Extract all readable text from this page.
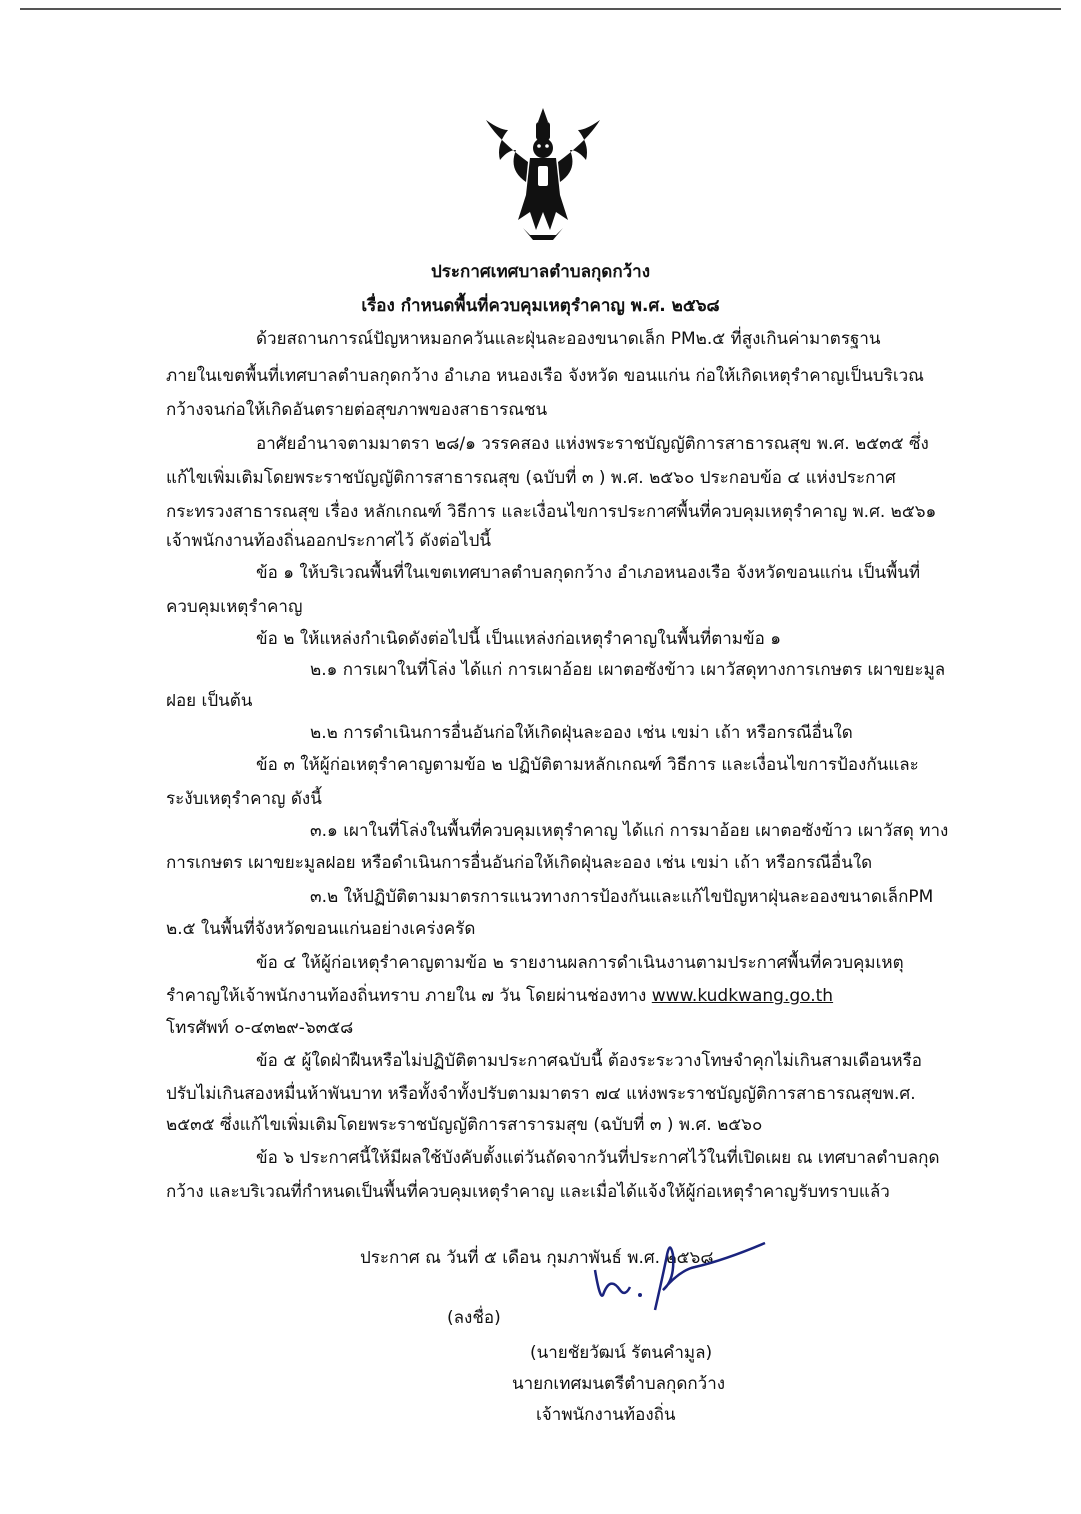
ประกาศเทศบาลตำบลกุดกว้าง
เรื่อง กำหนดพื้นที่ควบคุมเหตุรำคาญ พ.ศ. ๒๕๖๘
ด้วยสถานการณ์ปัญหาหมอกควันและฝุ่นละอองขนาดเล็ก PM๒.๕ ที่สูงเกินค่ามาตรฐาน
ภายในเขตพื้นที่เทศบาลตำบลกุดกว้าง อำเภอ หนองเรือ จังหวัด ขอนแก่น ก่อให้เกิดเหตุรำคาญเป็นบริเวณ
กว้างจนก่อให้เกิดอันตรายต่อสุขภาพของสาธารณชน
อาศัยอำนาจตามมาตรา ๒๘/๑ วรรคสอง แห่งพระราชบัญญัติการสาธารณสุข พ.ศ. ๒๕๓๕ ซึ่ง
แก้ไขเพิ่มเติมโดยพระราชบัญญัติการสาธารณสุข (ฉบับที่ ๓ ) พ.ศ. ๒๕๖๐ ประกอบข้อ ๔ แห่งประกาศ
กระทรวงสาธารณสุข เรื่อง หลักเกณฑ์ วิธีการ และเงื่อนไขการประกาศพื้นที่ควบคุมเหตุรำคาญ พ.ศ. ๒๕๖๑
เจ้าพนักงานท้องถิ่นออกประกาศไว้ ดังต่อไปนี้
ข้อ ๑ ให้บริเวณพื้นที่ในเขตเทศบาลตำบลกุดกว้าง อำเภอหนองเรือ จังหวัดขอนแก่น เป็นพื้นที่
ควบคุมเหตุรำคาญ
ข้อ ๒ ให้แหล่งกำเนิดดังต่อไปนี้ เป็นแหล่งก่อเหตุรำคาญในพื้นที่ตามข้อ ๑
๒.๑ การเผาในที่โล่ง ได้แก่ การเผาอ้อย เผาตอซังข้าว เผาวัสดุทางการเกษตร เผาขยะมูล
ฝอย เป็นต้น
๒.๒ การดำเนินการอื่นอันก่อให้เกิดฝุ่นละออง เช่น เขม่า เถ้า หรือกรณีอื่นใด
ข้อ ๓ ให้ผู้ก่อเหตุรำคาญตามข้อ ๒ ปฏิบัติตามหลักเกณฑ์ วิธีการ และเงื่อนไขการป้องกันและ
ระงับเหตุรำคาญ ดังนี้
๓.๑ เผาในที่โล่งในพื้นที่ควบคุมเหตุรำคาญ ได้แก่ การมาอ้อย เผาตอซังข้าว เผาวัสดุ ทาง
การเกษตร เผาขยะมูลฝอย หรือดำเนินการอื่นอันก่อให้เกิดฝุ่นละออง เช่น เขม่า เถ้า หรือกรณีอื่นใด
๓.๒ ให้ปฏิบัติตามมาตรการแนวทางการป้องกันและแก้ไขปัญหาฝุ่นละอองขนาดเล็กPM
๒.๕ ในพื้นที่จังหวัดขอนแก่นอย่างเคร่งครัด
ข้อ ๔ ให้ผู้ก่อเหตุรำคาญตามข้อ ๒ รายงานผลการดำเนินงานตามประกาศพื้นที่ควบคุมเหตุ
รำคาญให้เจ้าพนักงานท้องถิ่นทราบ ภายใน ๗ วัน โดยผ่านช่องทาง www.kudkwang.go.th
โทรศัพท์ ๐-๔๓๒๙-๖๓๕๘
ข้อ ๕ ผู้ใดฝ่าฝืนหรือไม่ปฏิบัติตามประกาศฉบับนี้ ต้องระระวางโทษจำคุกไม่เกินสามเดือนหรือ
ปรับไม่เกินสองหมื่นห้าพันบาท หรือทั้งจำทั้งปรับตามมาตรา ๗๔ แห่งพระราชบัญญัติการสาธารณสุขพ.ศ.
๒๕๓๕ ซึ่งแก้ไขเพิ่มเติมโดยพระราชบัญญัติการสารารมสุข (ฉบับที่ ๓ ) พ.ศ. ๒๕๖๐
ข้อ ๖ ประกาศนี้ให้มีผลใช้บังคับตั้งแต่วันถัดจากวันที่ประกาศไว้ในที่เปิดเผย ณ เทศบาลตำบลกุด
กว้าง และบริเวณที่กำหนดเป็นพื้นที่ควบคุมเหตุรำคาญ และเมื่อได้แจ้งให้ผู้ก่อเหตุรำคาญรับทราบแล้ว
ประกาศ ณ วันที่ ๕ เดือน กุมภาพันธ์ พ.ศ. ๒๕๖๘
(ลงชื่อ)
(นายชัยวัฒน์ รัตนคำมูล)
นายกเทศมนตรีตำบลกุดกว้าง
เจ้าพนักงานท้องถิ่น
